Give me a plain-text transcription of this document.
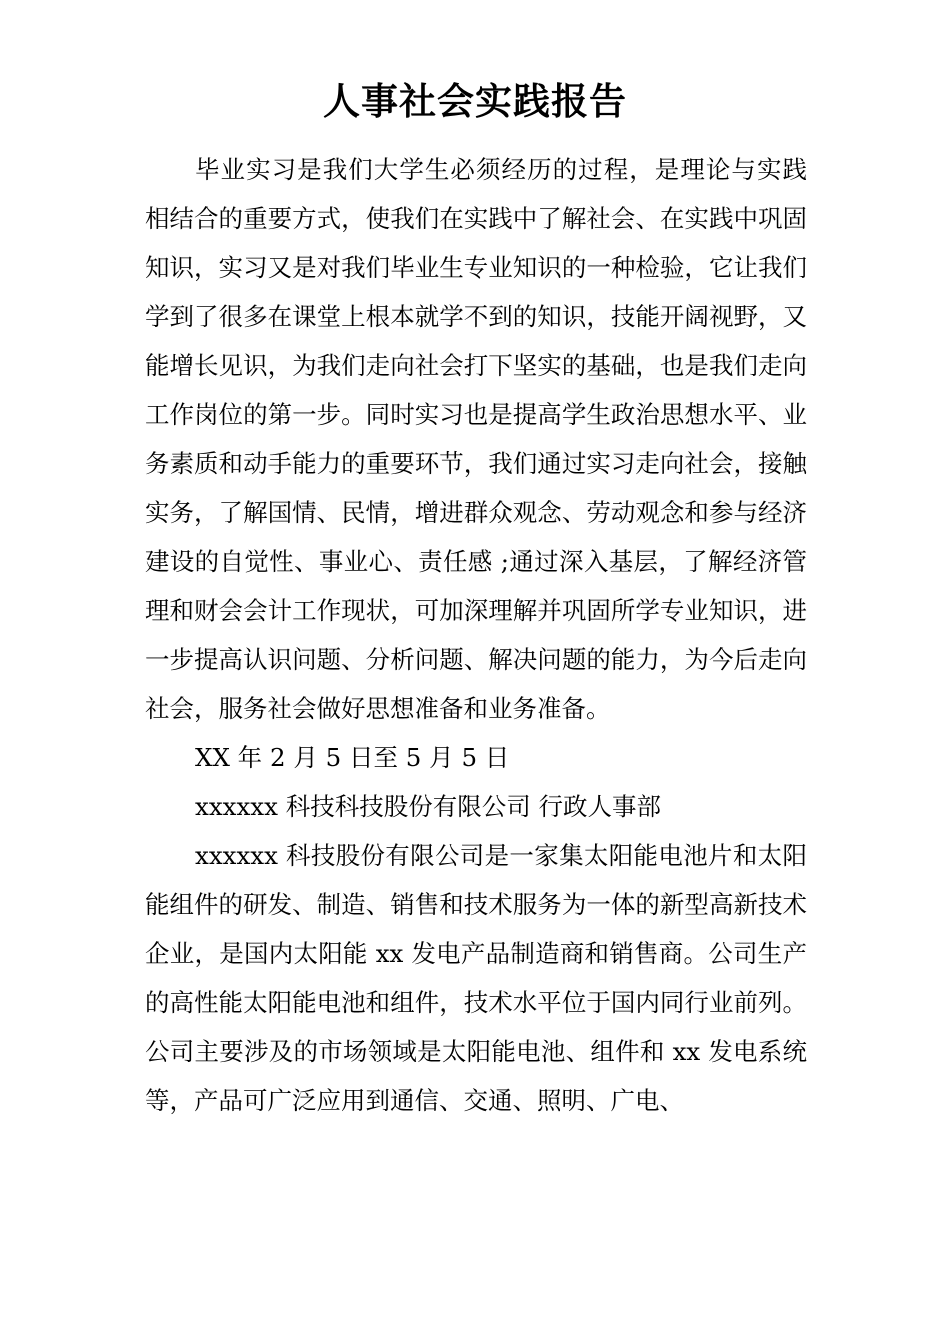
人事社会实践报告

毕业实习是我们大学生必须经历的过程，是理论与实践相结合的重要方式，使我们在实践中了解社会、在实践中巩固知识，实习又是对我们毕业生专业知识的一种检验，它让我们学到了很多在课堂上根本就学不到的知识，技能开阔视野，又能增长见识，为我们走向社会打下坚实的基础，也是我们走向工作岗位的第一步。同时实习也是提高学生政治思想水平、业务素质和动手能力的重要环节，我们通过实习走向社会，接触实务，了解国情、民情，增进群众观念、劳动观念和参与经济建设的自觉性、事业心、责任感 ;通过深入基层，了解经济管理和财会会计工作现状，可加深理解并巩固所学专业知识，进一步提高认识问题、分析问题、解决问题的能力，为今后走向社会，服务社会做好思想准备和业务准备。

XX 年 2 月 5 日至 5 月 5 日

xxxxxx 科技科技股份有限公司 行政人事部

xxxxxx 科技股份有限公司是一家集太阳能电池片和太阳能组件的研发、制造、销售和技术服务为一体的新型高新技术企业，是国内太阳能 xx 发电产品制造商和销售商。公司生产的高性能太阳能电池和组件，技术水平位于国内同行业前列。公司主要涉及的市场领域是太阳能电池、组件和 xx 发电系统等，产品可广泛应用到通信、交通、照明、广电、
